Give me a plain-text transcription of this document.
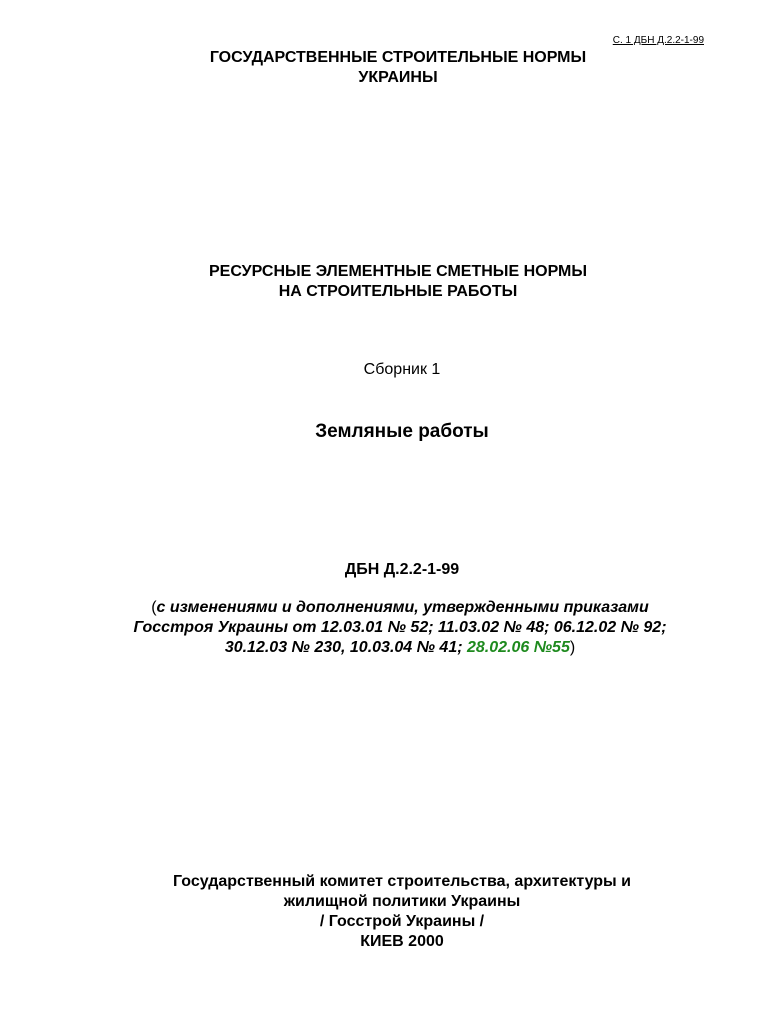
С. 1 ДБН Д.2.2-1-99
ГОСУДАРСТВЕННЫЕ СТРОИТЕЛЬНЫЕ НОРМЫ
УКРАИНЫ
РЕСУРСНЫЕ ЭЛЕМЕНТНЫЕ СМЕТНЫЕ НОРМЫ
НА СТРОИТЕЛЬНЫЕ РАБОТЫ
Сборник 1
Земляные работы
ДБН Д.2.2-1-99
(с изменениями и дополнениями, утвержденными приказами
Госстроя Украины от 12.03.01 № 52; 11.03.02 № 48; 06.12.02 № 92;
30.12.03 № 230, 10.03.04 № 41; 28.02.06 №55)
Государственный комитет строительства, архитектуры и
жилищной политики Украины
/ Госстрой Украины /
КИЕВ 2000
